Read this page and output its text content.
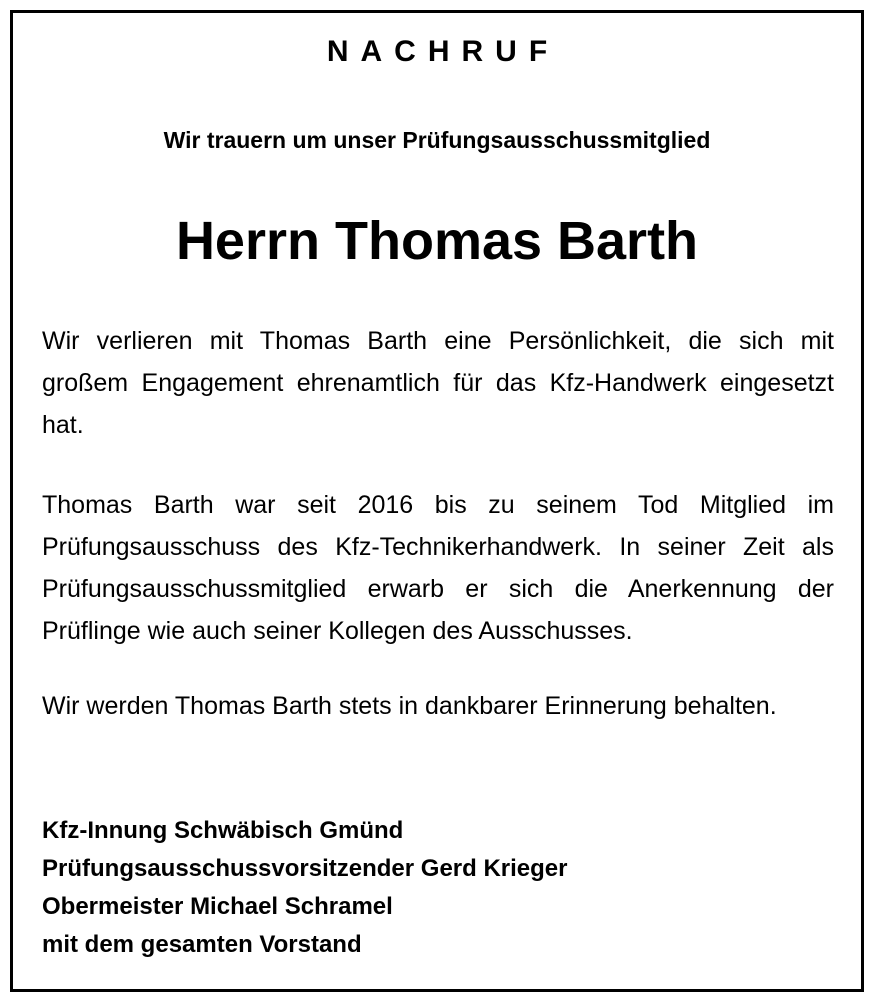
NACHRUF
Wir trauern um unser Prüfungsausschussmitglied
Herrn Thomas Barth
Wir verlieren mit Thomas Barth eine Persönlichkeit, die sich mit großem Engagement ehrenamtlich für das Kfz-Handwerk eingesetzt hat.
Thomas Barth war seit 2016 bis zu seinem Tod Mitglied im Prüfungsausschuss des Kfz-Technikerhandwerk. In seiner Zeit als Prüfungsausschussmitglied erwarb er sich die Anerkennung der Prüflinge wie auch seiner Kollegen des Ausschusses.
Wir werden Thomas Barth stets in dankbarer Erinnerung behalten.
Kfz-Innung Schwäbisch Gmünd
Prüfungsausschussvorsitzender Gerd Krieger
Obermeister Michael Schramel
mit dem gesamten Vorstand
